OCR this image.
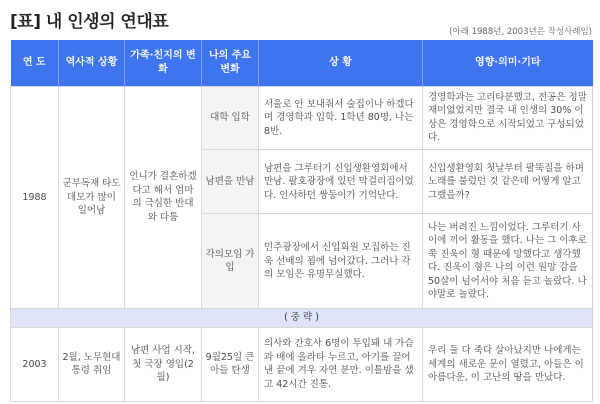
[표] 내 인생의 연대표	(아래 1988년, 2003년은 작성사례임)
연 도	역사적 상황	가족·친지의 변화	나의 주요 변화	상 황	영향·의미·기타
1988	군부독재 타도 데모가 많이 일어남	언니가 결혼하겠다고 해서 엄마의 극심한 반대와 다툼	대학 입학	서울로 안 보내줘서 술집이나 하겠다며 경영학과 입학. 1학년 80명, 나는 8반.	경영학과는 고리타분했고, 전공은 정말 재미없었지만 결국 내 인생의 30% 이상은 경영학으로 시작되었고 구성되었다.
			남편을 만남	남편을 그루터기 신입생환영회에서 만남. 팔호광장에 있던 막걸리집이었다. 인사하던 쌍둥이가 기억난다.	신입생환영회 첫날부터 팔뚝질을 하며 노래를 불렀던 것 같은데 어떻게 알고 그랬을까?
			각의모임 가입	민주광장에서 신입회원 모집하는 진욱 선배의 꾐에 넘어갔다. 그러나 각의 모임은 유명무실했다.	나는 버려진 느낌이었다. 그루터기 사이에 끼어 활동을 했다. 나는 그 이후로 쭉 진욱이 형 때문에 망했다고 생각했다. 진욱이 형은 나의 이런 원망 감을 50살이 넘어서야 처음 듣고 놀랐다. 나야말로 놀랐다.
( 중 략 )					
2003	2월, 노무현대통령 취임	남편 사업 시작, 첫 국장 영입(2월)	9월25일 큰 아들 탄생	의사와 간호사 6명이 투입돼 내 가슴과 배에 올라타 누르고, 아기를 끌어낸 끝에 겨우 자연 분만. 이틀밤을 샜고 42시간 진통.	우리 둘 다 죽다 살아났지만 나에게는 세계의 새로운 문이 열렸고, 아들은 이 아름다운, 이 고난의 땅을 만났다.
